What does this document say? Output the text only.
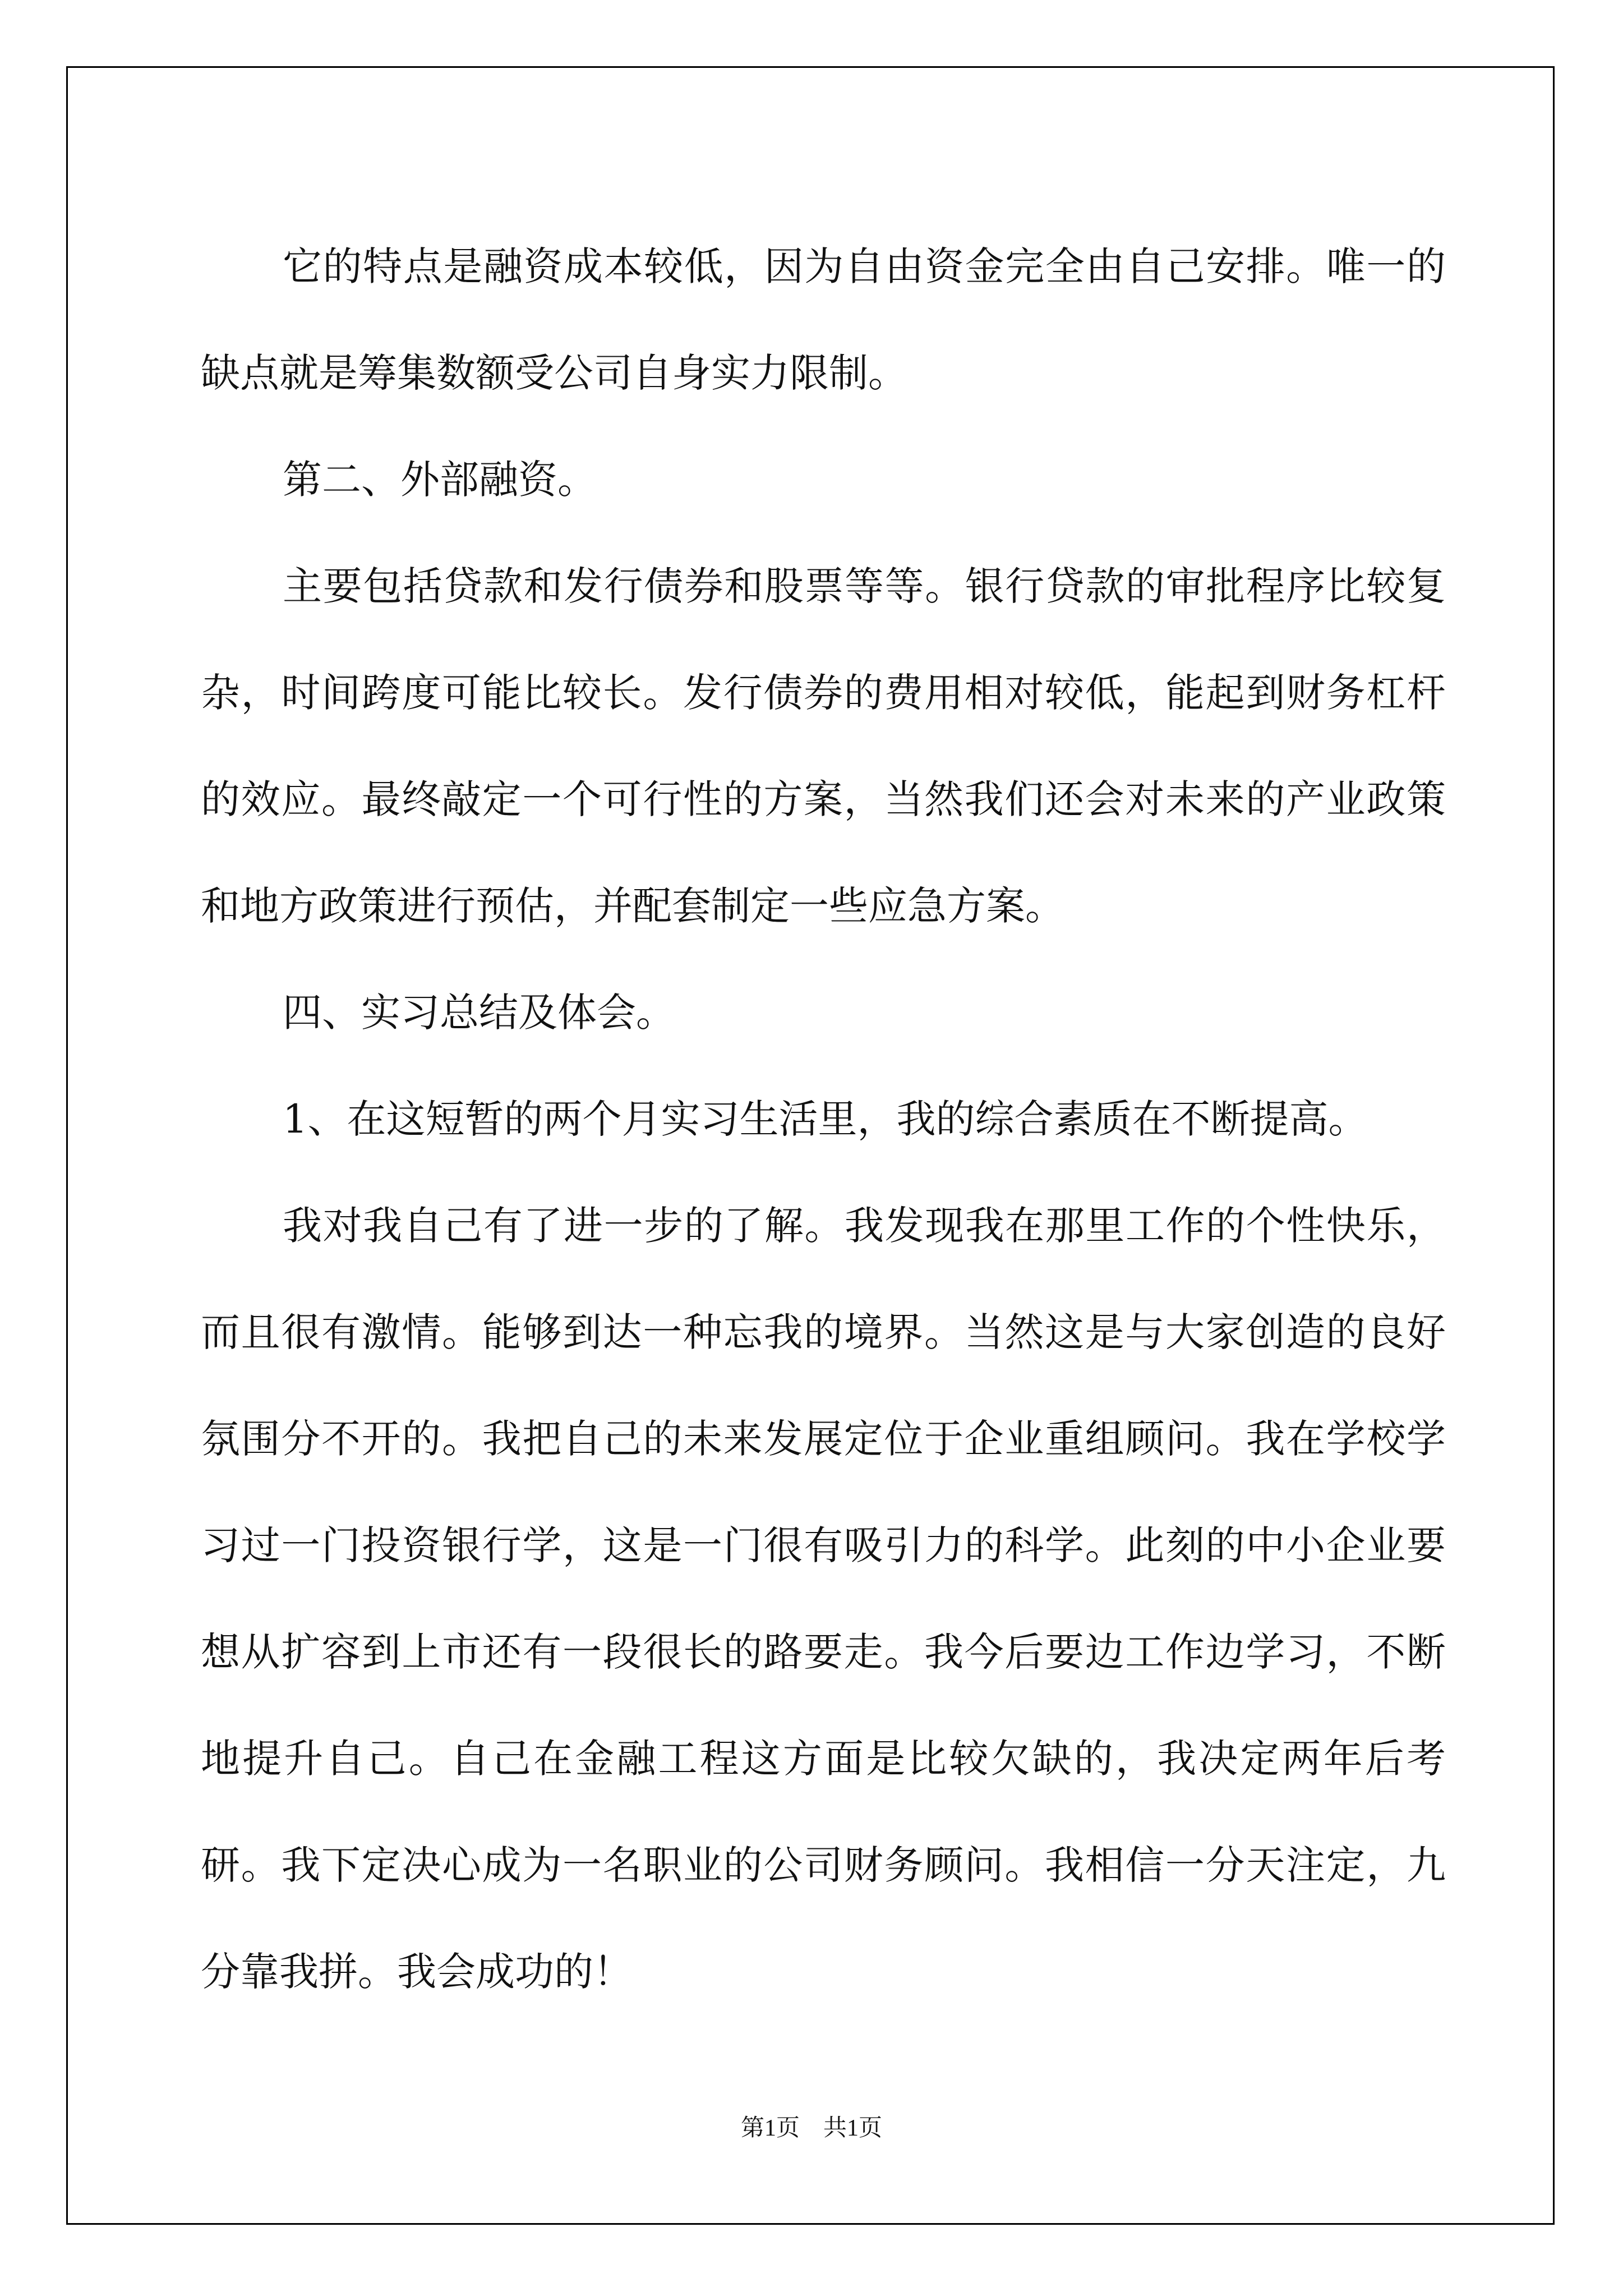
它的特点是融资成本较低，因为自由资金完全由自己安排。唯一的缺点就是筹集数额受公司自身实力限制。

第二、外部融资。

主要包括贷款和发行债券和股票等等。银行贷款的审批程序比较复杂，时间跨度可能比较长。发行债券的费用相对较低，能起到财务杠杆的效应。最终敲定一个可行性的方案，当然我们还会对未来的产业政策和地方政策进行预估，并配套制定一些应急方案。

四、实习总结及体会。

1、在这短暂的两个月实习生活里，我的综合素质在不断提高。

我对我自己有了进一步的了解。我发现我在那里工作的个性快乐，而且很有激情。能够到达一种忘我的境界。当然这是与大家创造的良好氛围分不开的。我把自己的未来发展定位于企业重组顾问。我在学校学习过一门投资银行学，这是一门很有吸引力的科学。此刻的中小企业要想从扩容到上市还有一段很长的路要走。我今后要边工作边学习，不断地提升自己。自己在金融工程这方面是比较欠缺的，我决定两年后考研。我下定决心成为一名职业的公司财务顾问。我相信一分天注定，九分靠我拼。我会成功的！

第1页　共1页
